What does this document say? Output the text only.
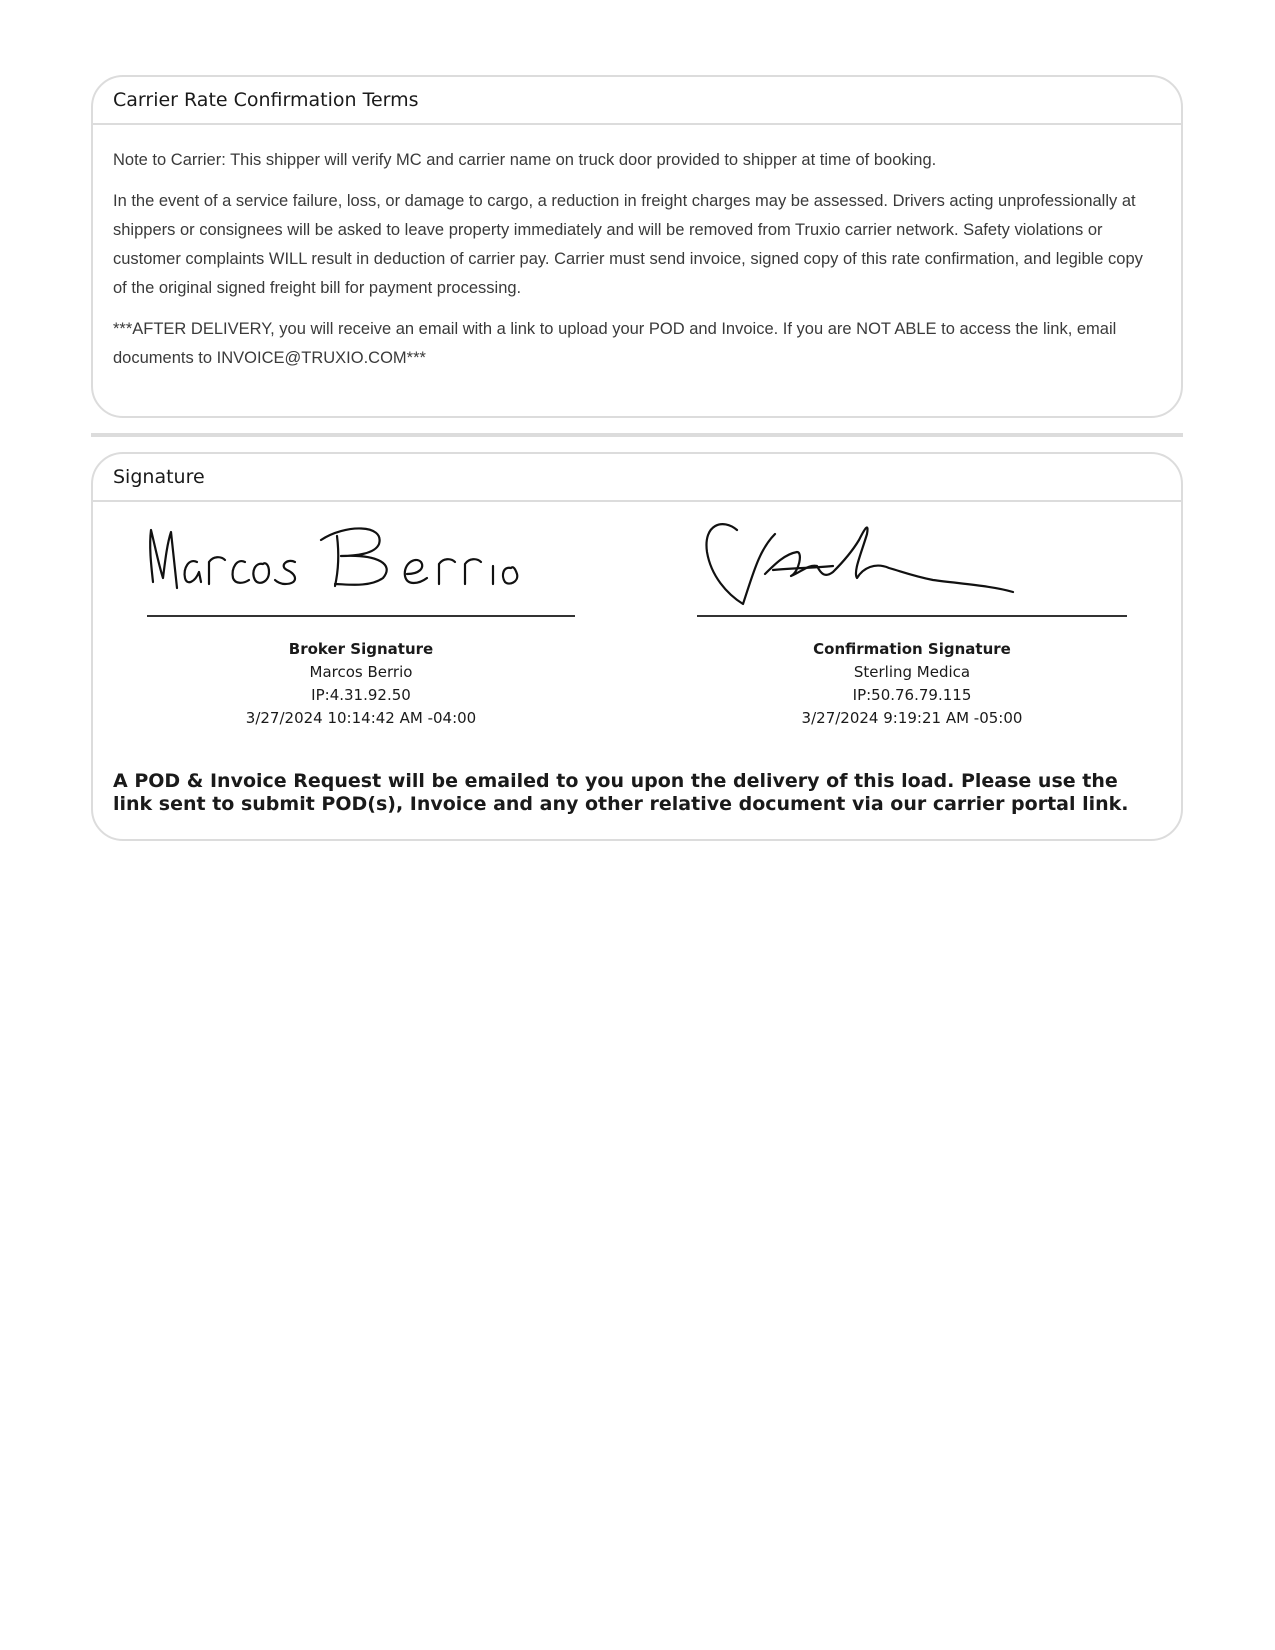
Carrier Rate Confirmation Terms

Note to Carrier: This shipper will verify MC and carrier name on truck door provided to shipper at time of booking.

In the event of a service failure, loss, or damage to cargo, a reduction in freight charges may be assessed. Drivers acting unprofessionally at shippers or consignees will be asked to leave property immediately and will be removed from Truxio carrier network. Safety violations or customer complaints WILL result in deduction of carrier pay. Carrier must send invoice, signed copy of this rate confirmation, and legible copy of the original signed freight bill for payment processing.

***AFTER DELIVERY, you will receive an email with a link to upload your POD and Invoice. If you are NOT ABLE to access the link, email documents to INVOICE@TRUXIO.COM***

Signature
Broker Signature
Marcos Berrio
IP:4.31.92.50
3/27/2024 10:14:42 AM -04:00
Confirmation Signature
Sterling Medica
IP:50.76.79.115
3/27/2024 9:19:21 AM -05:00
A POD & Invoice Request will be emailed to you upon the delivery of this load. Please use the link sent to submit POD(s), Invoice and any other relative document via our carrier portal link.
